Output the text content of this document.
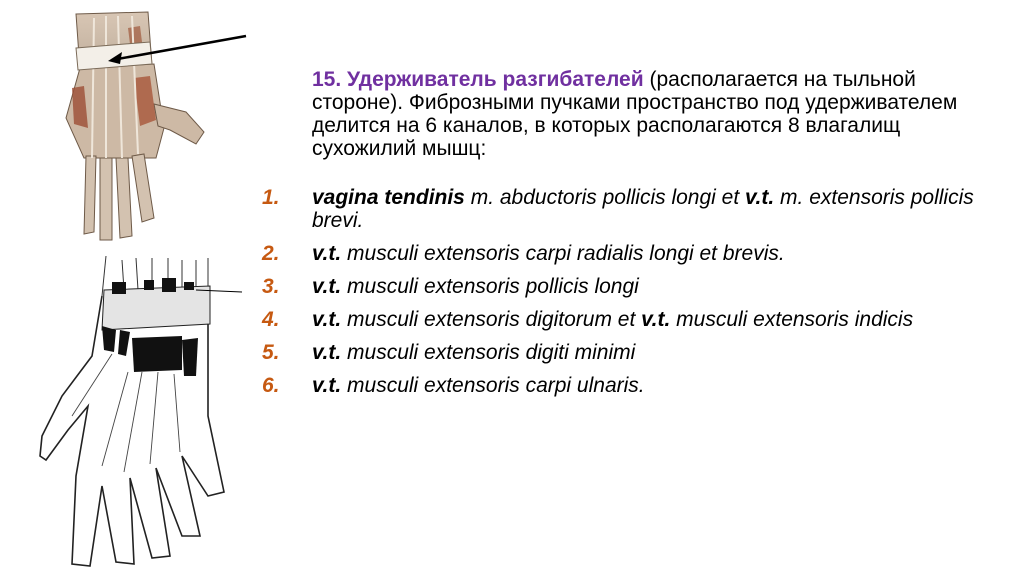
15. Удерживатель разгибателей (располагается на тыльной стороне). Фиброзными пучками пространство под удерживателем делится на 6 каналов, в которых располагаются 8 влагалищ сухожилий мышц:
1. vagina tendinis m. abductoris pollicis longi et v.t. m. extensoris pollicis brevi.
2. v.t. musculi extensoris carpi radialis longi et brevis.
3. v.t. musculi extensoris pollicis longi
4. v.t. musculi extensoris digitorum et v.t. musculi extensoris indicis
5. v.t. musculi extensoris digiti minimi
6. v.t. musculi extensoris carpi ulnaris.
